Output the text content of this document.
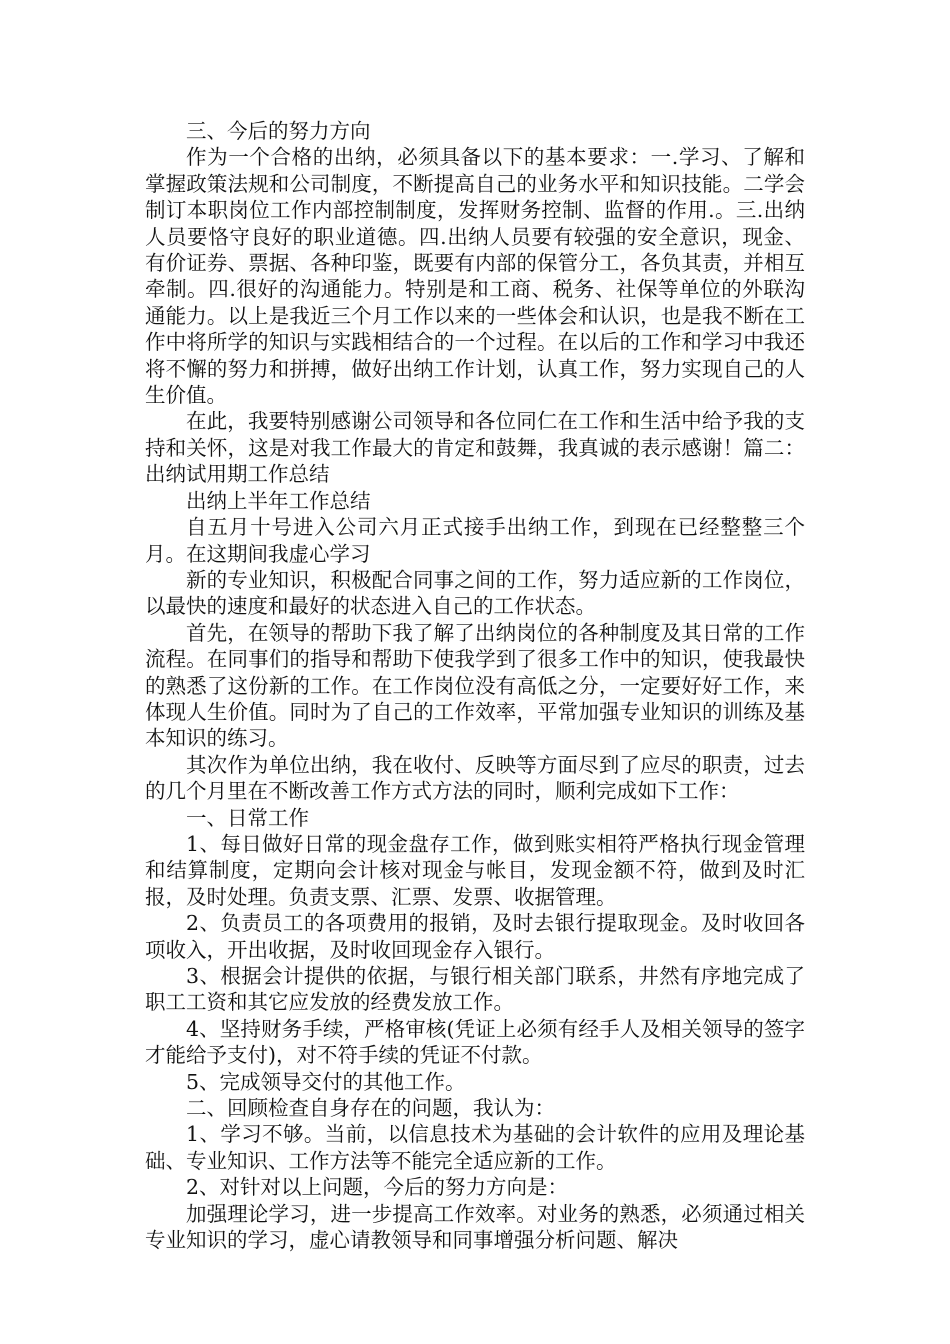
三、今后的努力方向

作为一个合格的出纳，必须具备以下的基本要求：一.学习、了解和掌握政策法规和公司制度，不断提高自己的业务水平和知识技能。二学会制订本职岗位工作内部控制制度，发挥财务控制、监督的作用.。三.出纳人员要恪守良好的职业道德。四.出纳人员要有较强的安全意识，现金、有价证券、票据、各种印鉴，既要有内部的保管分工，各负其责，并相互牵制。四.很好的沟通能力。特别是和工商、税务、社保等单位的外联沟通能力。以上是我近三个月工作以来的一些体会和认识，也是我不断在工作中将所学的知识与实践相结合的一个过程。在以后的工作和学习中我还将不懈的努力和拼搏，做好出纳工作计划，认真工作，努力实现自己的人生价值。

在此，我要特别感谢公司领导和各位同仁在工作和生活中给予我的支持和关怀，这是对我工作最大的肯定和鼓舞，我真诚的表示感谢！篇二：出纳试用期工作总结

出纳上半年工作总结

自五月十号进入公司六月正式接手出纳工作，到现在已经整整三个月。在这期间我虚心学习

新的专业知识，积极配合同事之间的工作，努力适应新的工作岗位，以最快的速度和最好的状态进入自己的工作状态。

首先，在领导的帮助下我了解了出纳岗位的各种制度及其日常的工作流程。在同事们的指导和帮助下使我学到了很多工作中的知识，使我最快的熟悉了这份新的工作。在工作岗位没有高低之分，一定要好好工作，来体现人生价值。同时为了自己的工作效率，平常加强专业知识的训练及基本知识的练习。

其次作为单位出纳，我在收付、反映等方面尽到了应尽的职责，过去的几个月里在不断改善工作方式方法的同时，顺利完成如下工作：

一、日常工作

1、每日做好日常的现金盘存工作，做到账实相符严格执行现金管理和结算制度，定期向会计核对现金与帐目，发现金额不符，做到及时汇报，及时处理。负责支票、汇票、发票、收据管理。

2、负责员工的各项费用的报销，及时去银行提取现金。及时收回各项收入，开出收据，及时收回现金存入银行。

3、根据会计提供的依据，与银行相关部门联系，井然有序地完成了职工工资和其它应发放的经费发放工作。

4、坚持财务手续，严格审核(凭证上必须有经手人及相关领导的签字才能给予支付)，对不符手续的凭证不付款。

5、完成领导交付的其他工作。

二、回顾检查自身存在的问题，我认为：

1、学习不够。当前，以信息技术为基础的会计软件的应用及理论基础、专业知识、工作方法等不能完全适应新的工作。

2、对针对以上问题，今后的努力方向是：

加强理论学习，进一步提高工作效率。对业务的熟悉，必须通过相关专业知识的学习，虚心请教领导和同事增强分析问题、解决
